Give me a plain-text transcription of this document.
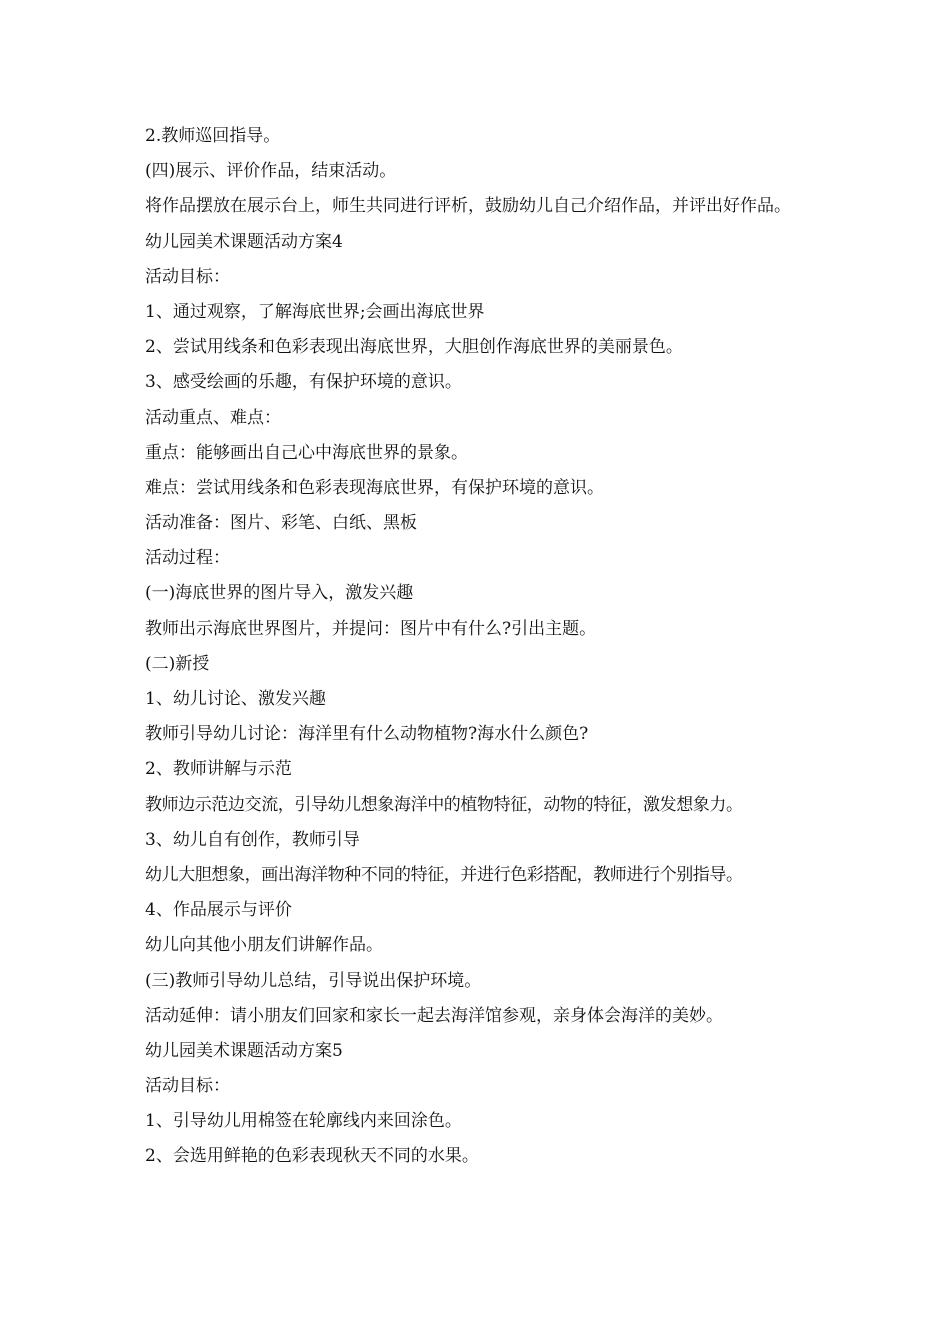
2.教师巡回指导。

(四)展示、评价作品，结束活动。

将作品摆放在展示台上，师生共同进行评析，鼓励幼儿自己介绍作品，并评出好作品。

幼儿园美术课题活动方案4

活动目标：

1、通过观察，了解海底世界;会画出海底世界

2、尝试用线条和色彩表现出海底世界，大胆创作海底世界的美丽景色。

3、感受绘画的乐趣，有保护环境的意识。

活动重点、难点：

重点：能够画出自己心中海底世界的景象。

难点：尝试用线条和色彩表现海底世界，有保护环境的意识。

活动准备：图片、彩笔、白纸、黑板

活动过程：

(一)海底世界的图片导入，激发兴趣

教师出示海底世界图片，并提问：图片中有什么?引出主题。

(二)新授

1、幼儿讨论、激发兴趣

教师引导幼儿讨论：海洋里有什么动物植物?海水什么颜色?

2、教师讲解与示范

教师边示范边交流，引导幼儿想象海洋中的植物特征，动物的特征，激发想象力。

3、幼儿自有创作，教师引导

幼儿大胆想象，画出海洋物种不同的特征，并进行色彩搭配，教师进行个别指导。

4、作品展示与评价

幼儿向其他小朋友们讲解作品。

(三)教师引导幼儿总结，引导说出保护环境。

活动延伸：请小朋友们回家和家长一起去海洋馆参观，亲身体会海洋的美妙。

幼儿园美术课题活动方案5

活动目标：

1、引导幼儿用棉签在轮廓线内来回涂色。

2、会选用鲜艳的色彩表现秋天不同的水果。
